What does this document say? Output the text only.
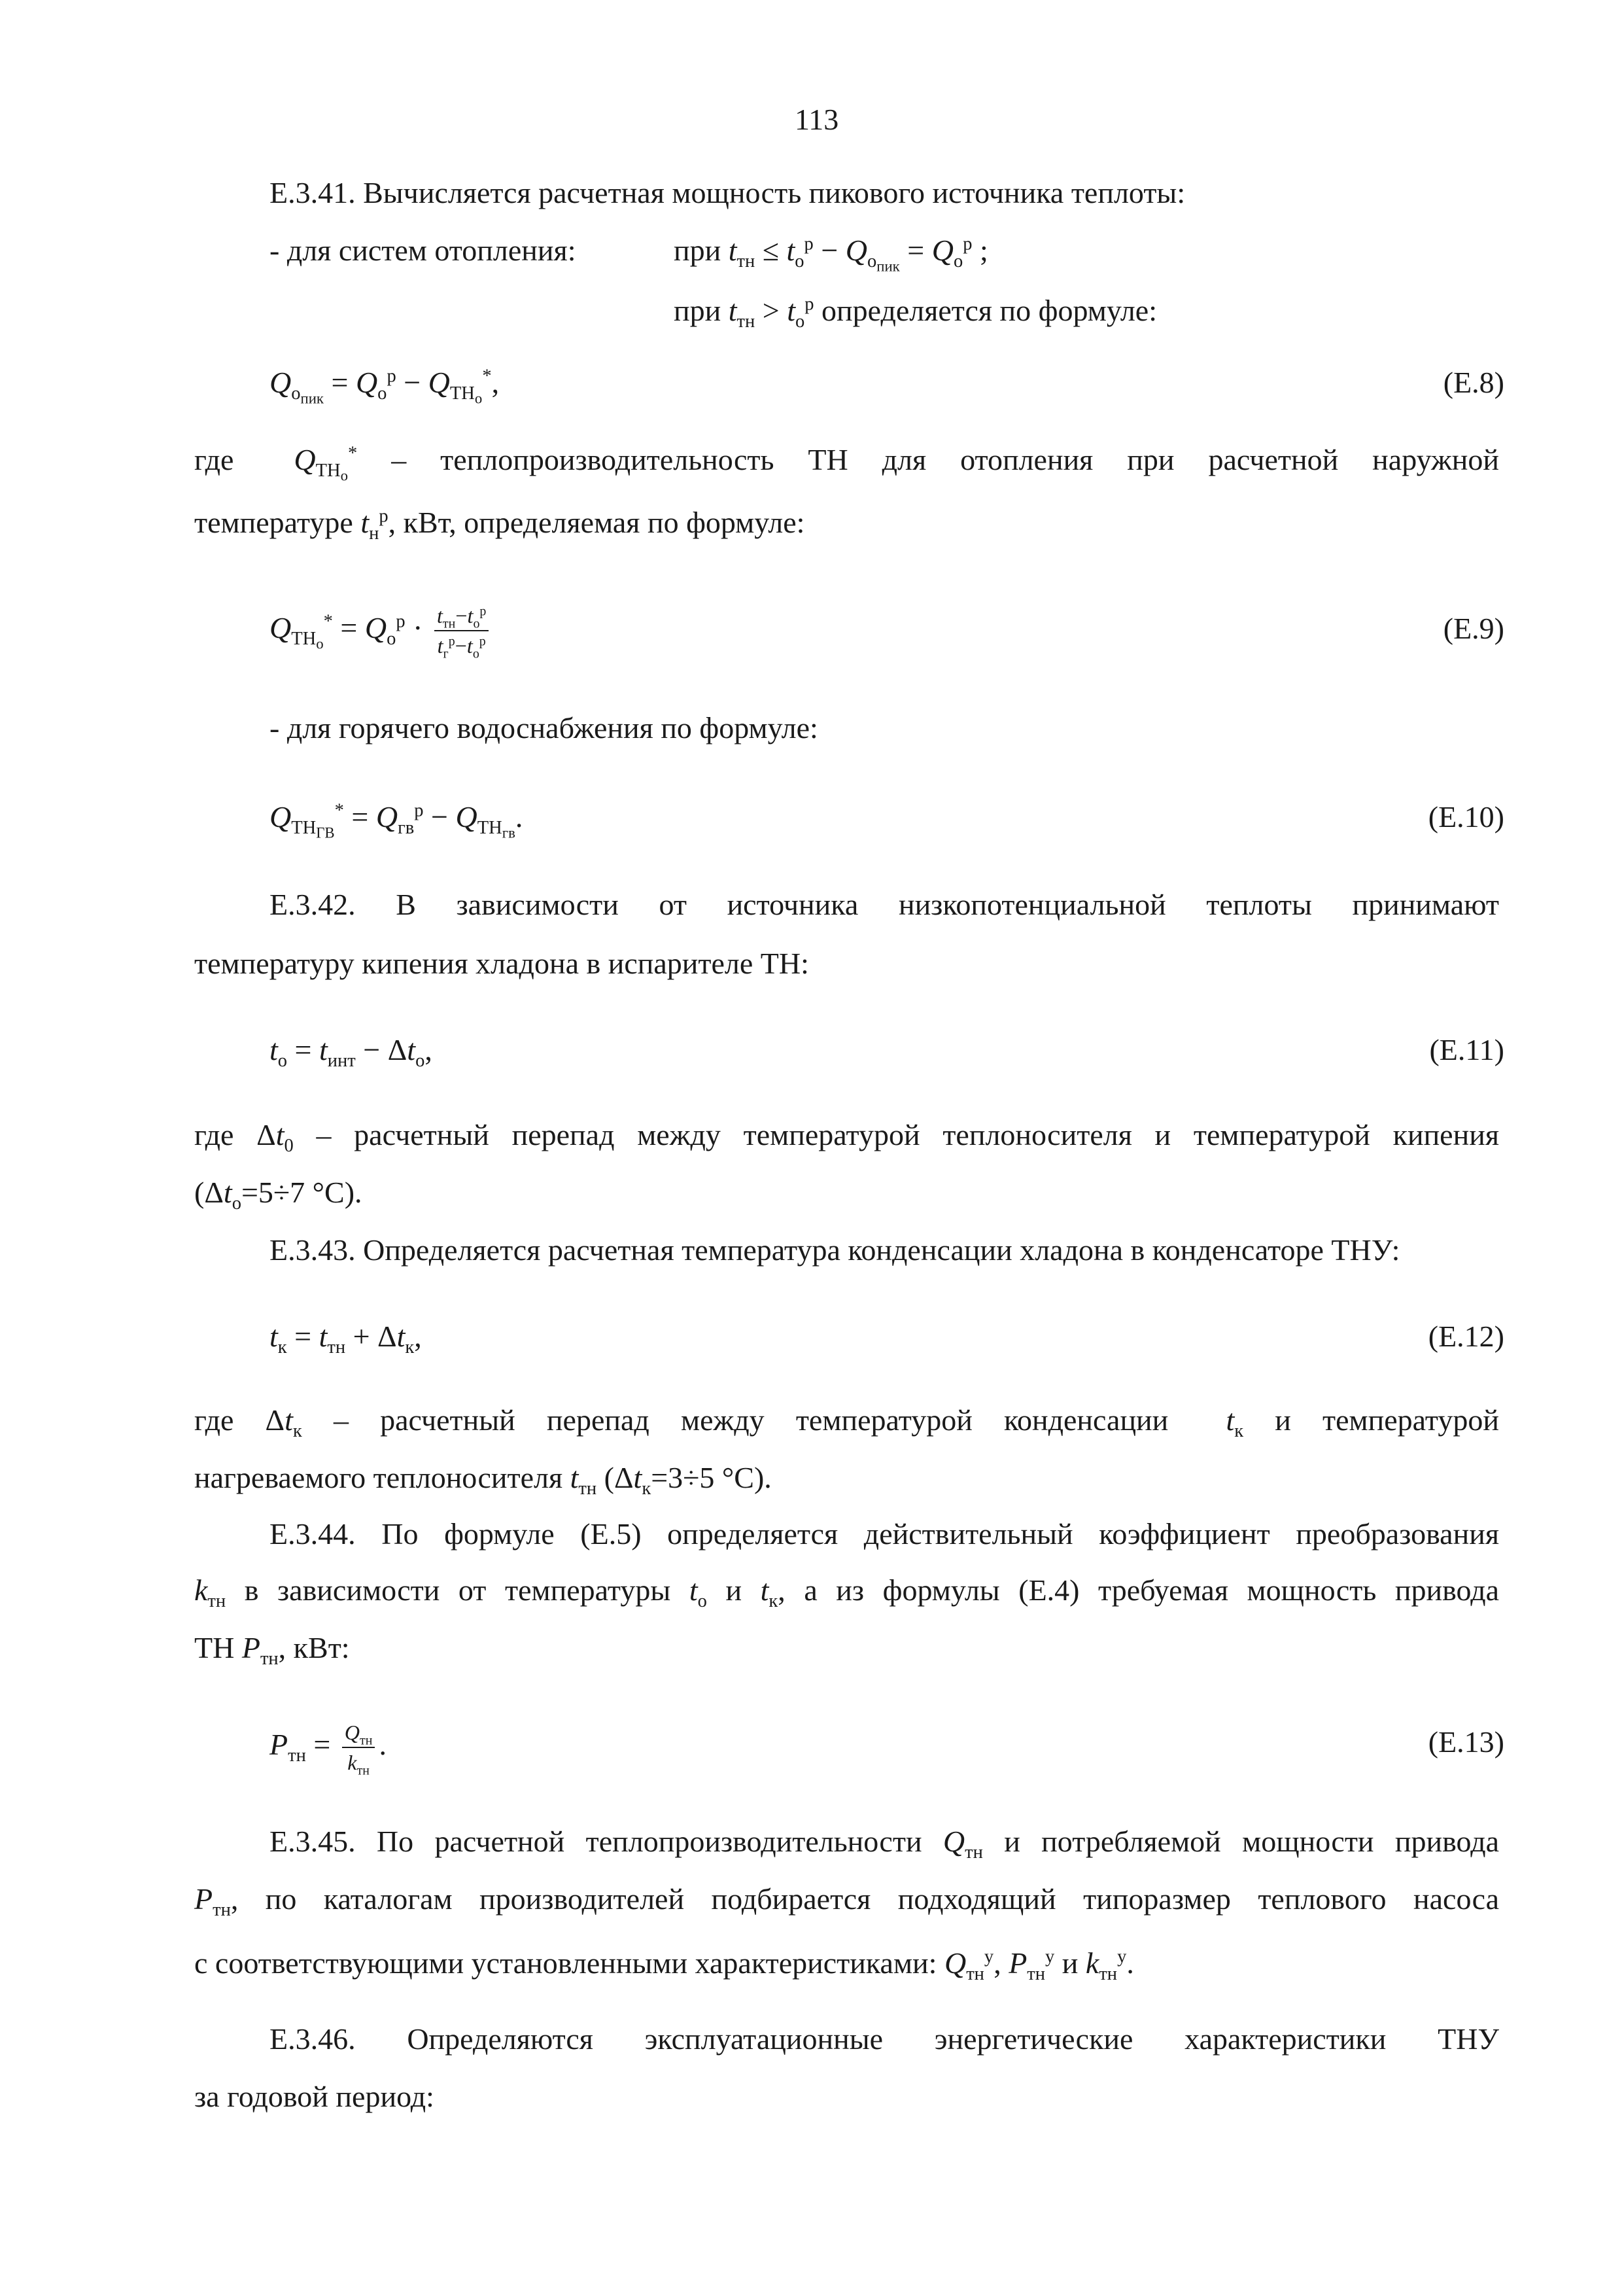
113
Е.3.41. Вычисляется расчетная мощность пикового источника теплоты:
- для систем отопления:	при $t_{тн} \le t_о^р - Q_{о_{пик}} = Q_о^р$ ;
при $t_{тн} > t_о^р$ определяется по формуле:
$Q_{о_{пик}} = Q_о^р - Q_{ТН_о}^*$,	(Е.8)
где $Q_{ТН_о}^*$ – теплопроизводительность ТН для отопления при расчетной наружной
температуре $t_н^р$, кВт, определяемая по формуле:
$Q_{ТН_о}^* = Q_о^р \cdot \frac{t_{тн}-t_о^р}{t_г^р-t_о^р}$	(Е.9)
- для горячего водоснабжения по формуле:
$Q_{ТН_{ГВ}}^* = Q_{гв}^р - Q_{ТН_{гв}}$.	(Е.10)
Е.3.42. В зависимости от источника низкопотенциальной теплоты принимают
температуру кипения хладона в испарителе ТН:
$t_о = t_{инт} - \Delta t_о$,	(Е.11)
где $\Delta t_0$ – расчетный перепад между температурой теплоносителя и температурой кипения
($\Delta t_о=5\div 7$ °С).
Е.3.43. Определяется расчетная температура конденсации хладона в конденсаторе ТНУ:
$t_к = t_{тн} + \Delta t_к$,	(Е.12)
где $\Delta t_к$ – расчетный перепад между температурой конденсации $t_к$ и температурой
нагреваемого теплоносителя $t_{тн}$ ($\Delta t_к=3\div 5$ °С).
Е.3.44. По формуле (Е.5) определяется действительный коэффициент преобразования
$k_{тн}$ в зависимости от температуры $t_о$ и $t_к$, а из формулы (Е.4) требуемая мощность привода
ТН $P_{тн}$, кВт:
$P_{тн} = \frac{Q_{тн}}{k_{тн}}$ .	(Е.13)
Е.3.45. По расчетной теплопроизводительности $Q_{тн}$ и потребляемой мощности привода
$P_{тн}$, по каталогам производителей подбирается подходящий типоразмер теплового насоса
с соответствующими установленными характеристиками: $Q_{тн}^у$, $P_{тн}^у$ и $k_{тн}^у$.
Е.3.46. Определяются эксплуатационные энергетические характеристики ТНУ
за годовой период:
